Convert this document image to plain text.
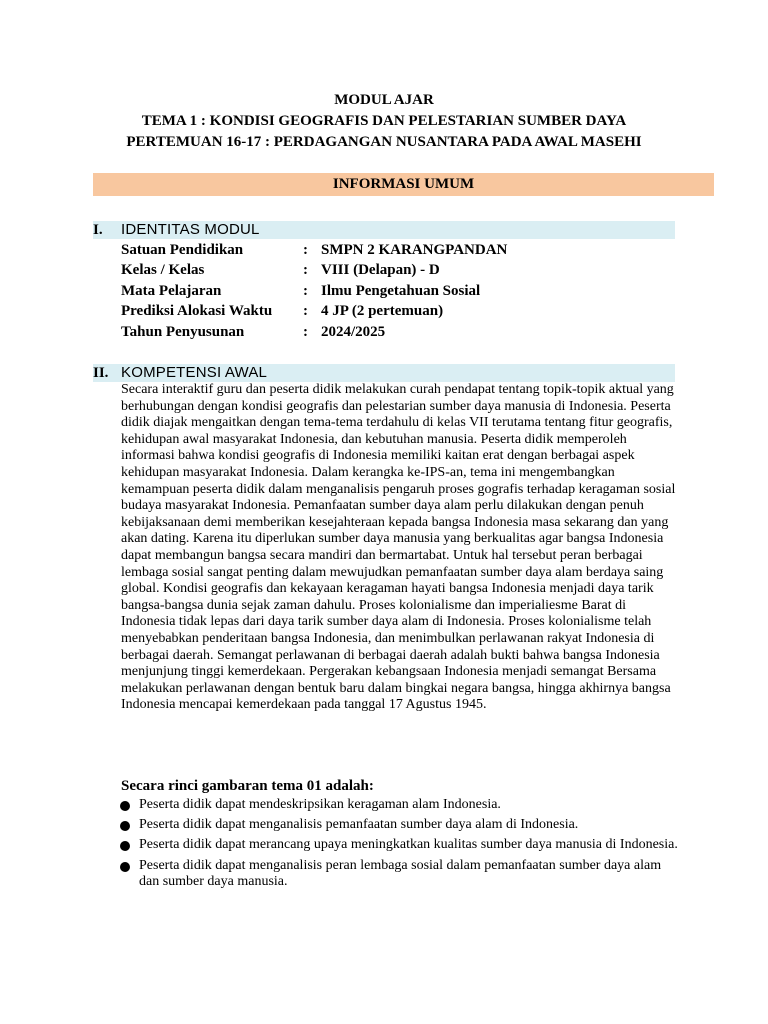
MODUL AJAR
TEMA 1 : KONDISI GEOGRAFIS DAN PELESTARIAN SUMBER DAYA
PERTEMUAN 16-17 : PERDAGANGAN NUSANTARA PADA AWAL MASEHI
INFORMASI UMUM
I. IDENTITAS MODUL
Satuan Pendidikan	: SMPN 2 KARANGPANDAN
Kelas / Kelas	: VIII (Delapan) - D
Mata Pelajaran	: Ilmu Pengetahuan Sosial
Prediksi Alokasi Waktu : 4 JP (2 pertemuan)
Tahun Penyusunan	: 2024/2025
II. KOMPETENSI AWAL
Secara interaktif guru dan peserta didik melakukan curah pendapat tentang topik-topik aktual yang berhubungan dengan kondisi geografis dan pelestarian sumber daya manusia di Indonesia. Peserta didik diajak mengaitkan dengan tema-tema terdahulu di kelas VII terutama tentang fitur geografis, kehidupan awal masyarakat Indonesia, dan kebutuhan manusia. Peserta didik memperoleh informasi bahwa kondisi geografis di Indonesia memiliki kaitan erat dengan berbagai aspek kehidupan masyarakat Indonesia. Dalam kerangka ke-IPS-an, tema ini mengembangkan kemampuan peserta didik dalam menganalisis pengaruh proses gografis terhadap keragaman sosial budaya masyarakat Indonesia. Pemanfaatan sumber daya alam perlu dilakukan dengan penuh kebijaksanaan demi memberikan kesejahteraan kepada bangsa Indonesia masa sekarang dan yang akan dating. Karena itu diperlukan sumber daya manusia yang berkualitas agar bangsa Indonesia dapat membangun bangsa secara mandiri dan bermartabat. Untuk hal tersebut peran berbagai lembaga sosial sangat penting dalam mewujudkan pemanfaatan sumber daya alam berdaya saing global. Kondisi geografis dan kekayaan keragaman hayati bangsa Indonesia menjadi daya tarik bangsa-bangsa dunia sejak zaman dahulu. Proses kolonialisme dan imperialiesme Barat di Indonesia tidak lepas dari daya tarik sumber daya alam di Indonesia. Proses kolonialisme telah menyebabkan penderitaan bangsa Indonesia, dan menimbulkan perlawanan rakyat Indonesia di berbagai daerah. Semangat perlawanan di berbagai daerah adalah bukti bahwa bangsa Indonesia menjunjung tinggi kemerdekaan. Pergerakan kebangsaan Indonesia menjadi semangat Bersama melakukan perlawanan dengan bentuk baru dalam bingkai negara bangsa, hingga akhirnya bangsa Indonesia mencapai kemerdekaan pada tanggal 17 Agustus 1945.
Secara rinci gambaran tema 01 adalah:
Peserta didik dapat mendeskripsikan keragaman alam Indonesia.
Peserta didik dapat menganalisis pemanfaatan sumber daya alam di Indonesia.
Peserta didik dapat merancang upaya meningkatkan kualitas sumber daya manusia di Indonesia.
Peserta didik dapat menganalisis peran lembaga sosial dalam pemanfaatan sumber daya alam dan sumber daya manusia.
